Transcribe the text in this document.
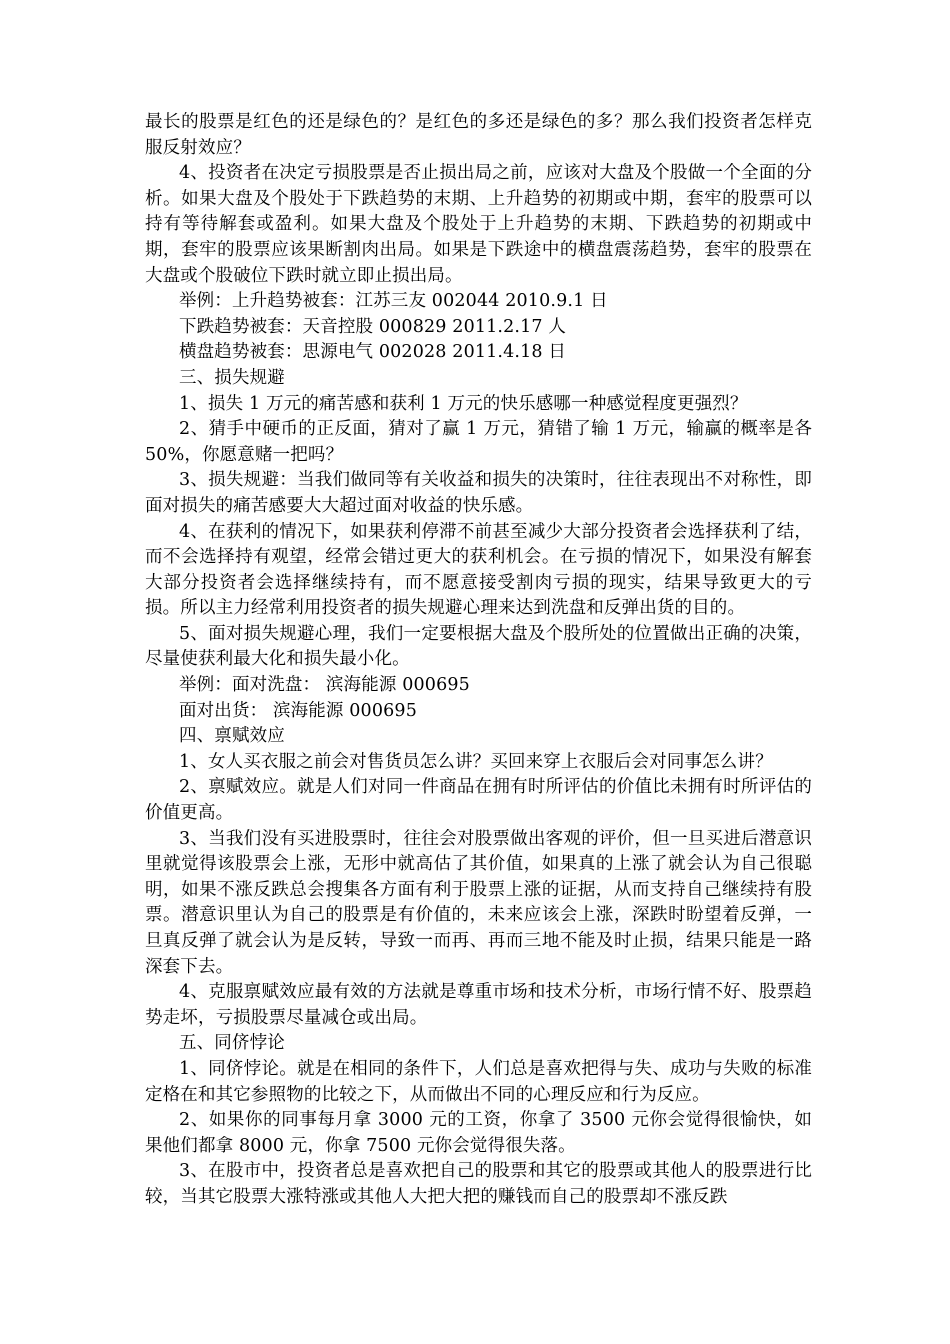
最长的股票是红色的还是绿色的？是红色的多还是绿色的多？那么我们投资者怎样克服反射效应？

4、投资者在决定亏损股票是否止损出局之前，应该对大盘及个股做一个全面的分析。如果大盘及个股处于下跌趋势的末期、上升趋势的初期或中期，套牢的股票可以持有等待解套或盈利。如果大盘及个股处于上升趋势的末期、下跌趋势的初期或中期，套牢的股票应该果断割肉出局。如果是下跌途中的横盘震荡趋势，套牢的股票在大盘或个股破位下跌时就立即止损出局。

举例：上升趋势被套：江苏三友 002044 2010.9.1 日

下跌趋势被套：天音控股 000829 2011.2.17 人

横盘趋势被套：思源电气 002028 2011.4.18 日

三、损失规避

1、损失 1 万元的痛苦感和获利 1 万元的快乐感哪一种感觉程度更强烈？

2、猜手中硬币的正反面，猜对了赢 1 万元，猜错了输 1 万元，输赢的概率是各 50%，你愿意赌一把吗？

3、损失规避：当我们做同等有关收益和损失的决策时，往往表现出不对称性，即面对损失的痛苦感要大大超过面对收益的快乐感。

4、在获利的情况下，如果获利停滞不前甚至减少大部分投资者会选择获利了结，而不会选择持有观望，经常会错过更大的获利机会。在亏损的情况下，如果没有解套大部分投资者会选择继续持有，而不愿意接受割肉亏损的现实，结果导致更大的亏损。所以主力经常利用投资者的损失规避心理来达到洗盘和反弹出货的目的。

5、面对损失规避心理，我们一定要根据大盘及个股所处的位置做出正确的决策，尽量使获利最大化和损失最小化。

举例：面对洗盘： 滨海能源 000695

面对出货： 滨海能源 000695

四、禀赋效应

1、女人买衣服之前会对售货员怎么讲？买回来穿上衣服后会对同事怎么讲？

2、禀赋效应。就是人们对同一件商品在拥有时所评估的价值比未拥有时所评估的价值更高。

3、当我们没有买进股票时，往往会对股票做出客观的评价，但一旦买进后潜意识里就觉得该股票会上涨，无形中就高估了其价值，如果真的上涨了就会认为自己很聪明，如果不涨反跌总会搜集各方面有利于股票上涨的证据，从而支持自己继续持有股票。潜意识里认为自己的股票是有价值的，未来应该会上涨，深跌时盼望着反弹，一旦真反弹了就会认为是反转，导致一而再、再而三地不能及时止损，结果只能是一路深套下去。

4、克服禀赋效应最有效的方法就是尊重市场和技术分析，市场行情不好、股票趋势走坏，亏损股票尽量减仓或出局。

五、同侪悖论

1、同侪悖论。就是在相同的条件下，人们总是喜欢把得与失、成功与失败的标准定格在和其它参照物的比较之下，从而做出不同的心理反应和行为反应。

2、如果你的同事每月拿 3000 元的工资，你拿了 3500 元你会觉得很愉快，如果他们都拿 8000 元，你拿 7500 元你会觉得很失落。

3、在股市中，投资者总是喜欢把自己的股票和其它的股票或其他人的股票进行比较，当其它股票大涨特涨或其他人大把大把的赚钱而自己的股票却不涨反跌
